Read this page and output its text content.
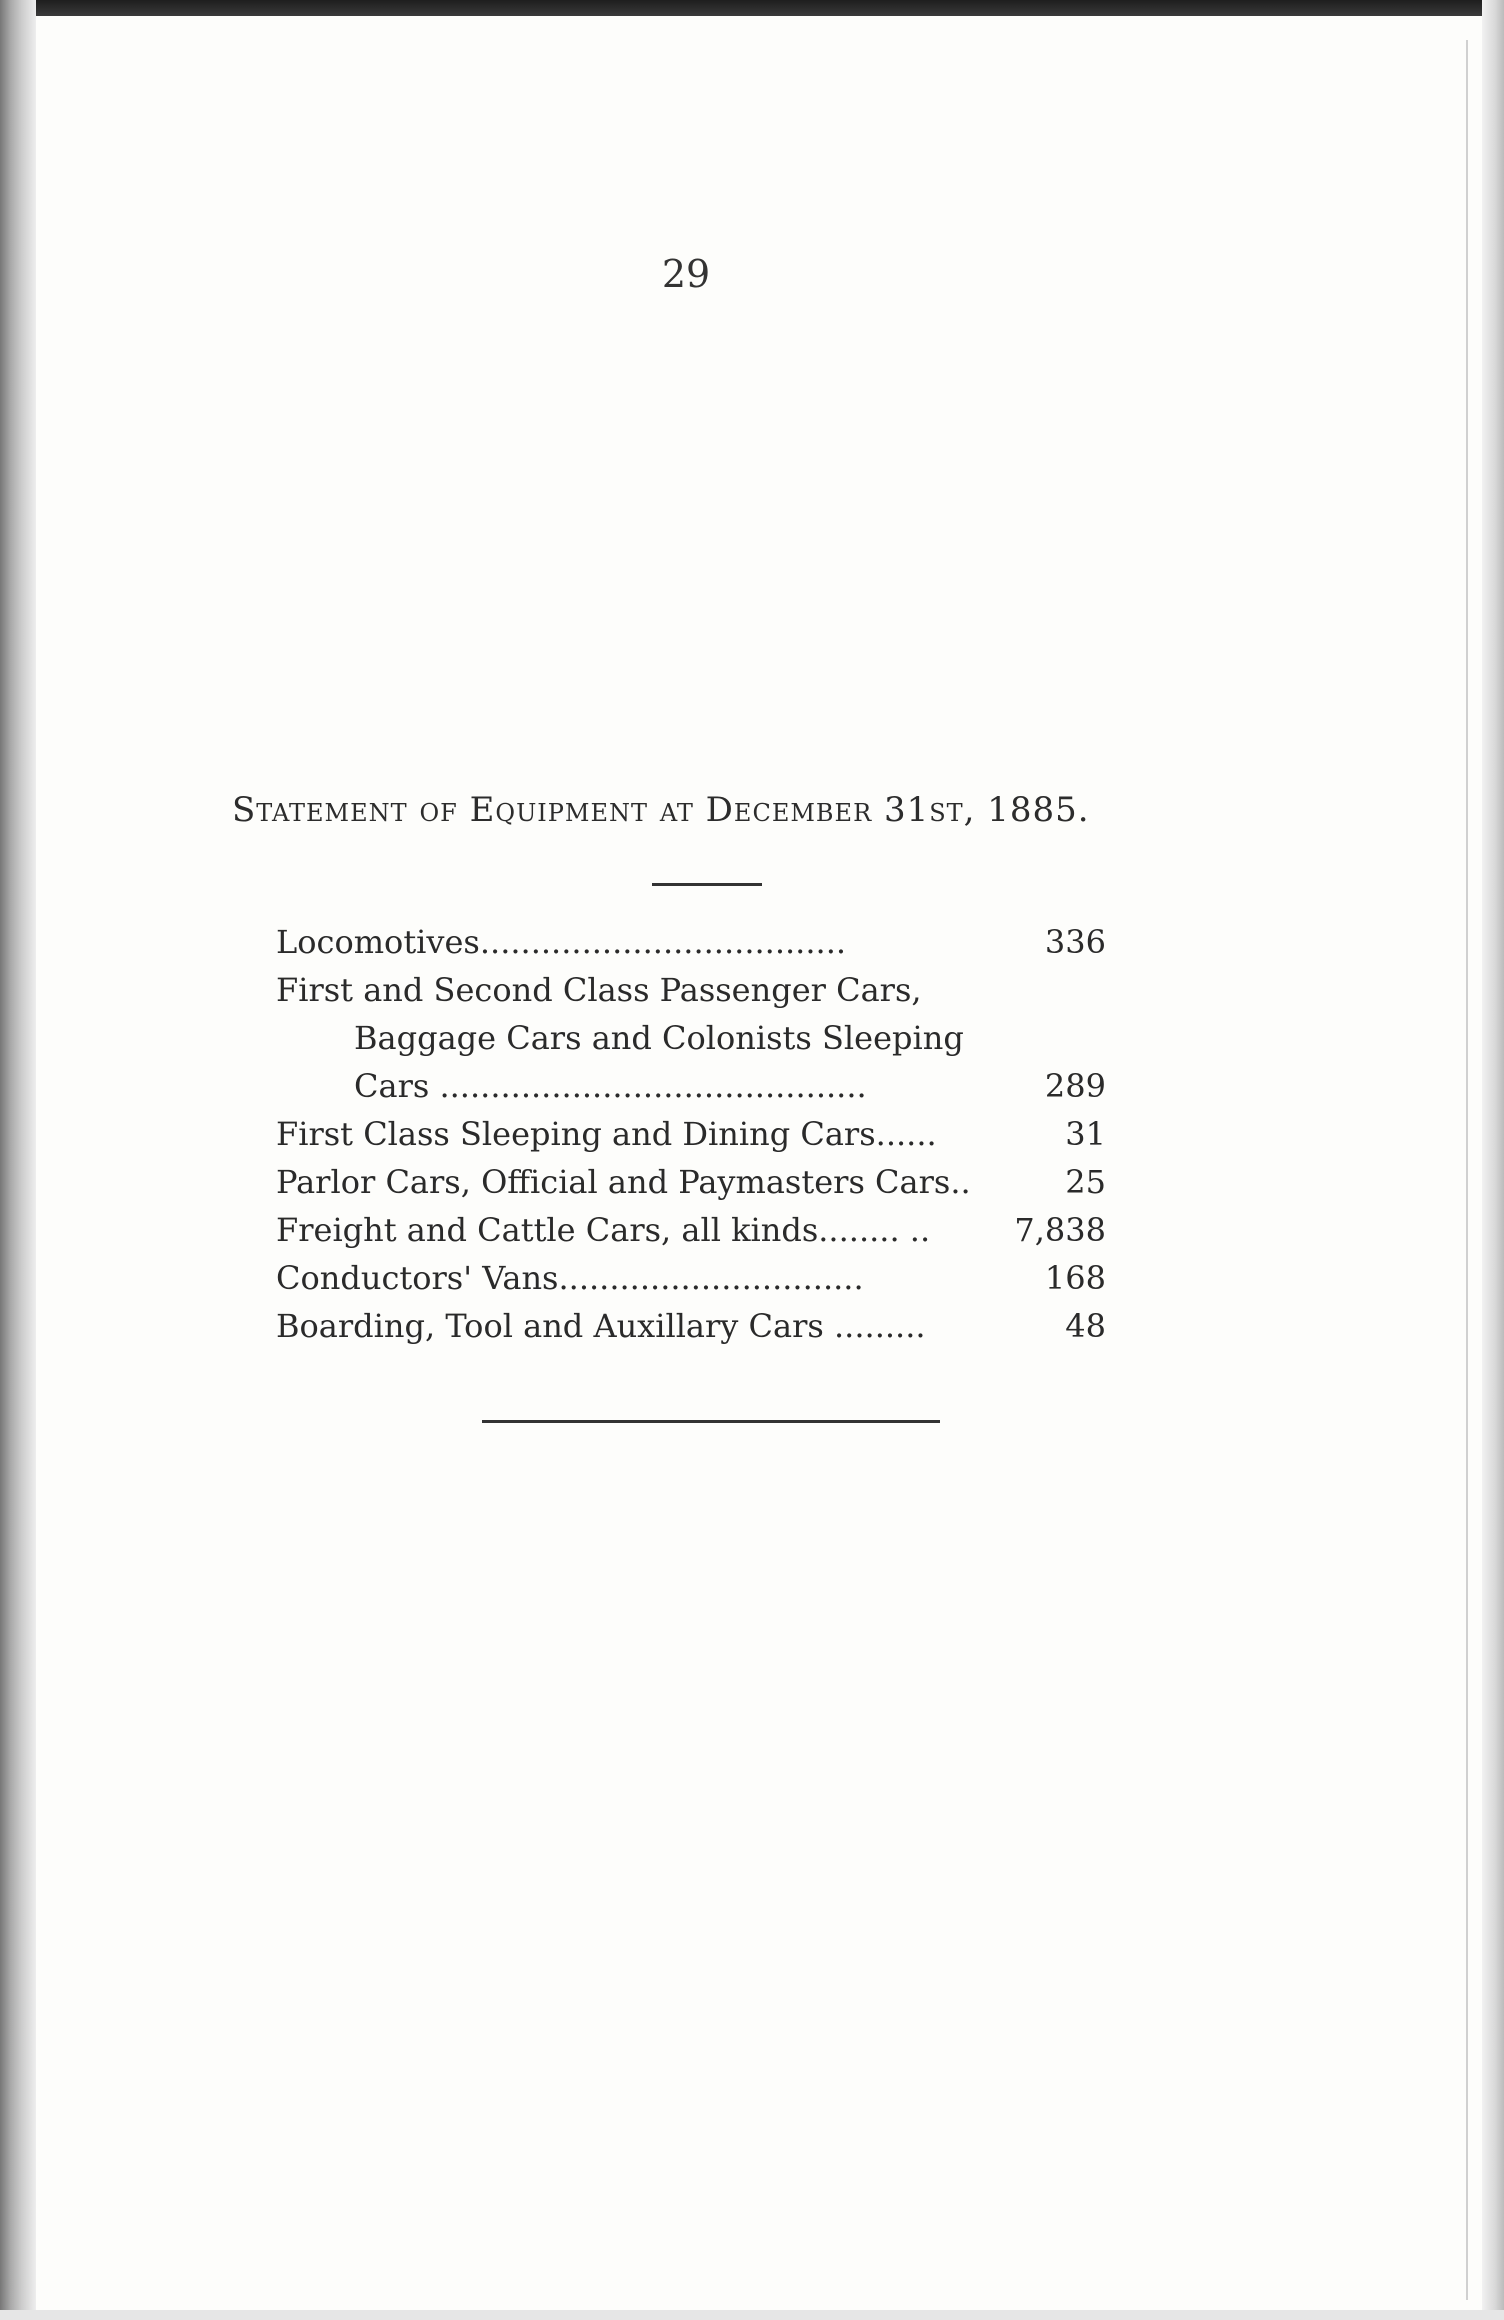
29
Statement of Equipment at December 31st, 1885.
Locomotives....................................	336
First and Second Class Passenger Cars,
Baggage Cars and Colonists Sleeping
Cars ..........................................	289
First Class Sleeping and Dining Cars......	31
Parlor Cars, Official and Paymasters Cars..	25
Freight and Cattle Cars, all kinds........ ..	7,838
Conductors' Vans..............................	168
Boarding, Tool and Auxillary Cars .........	48
